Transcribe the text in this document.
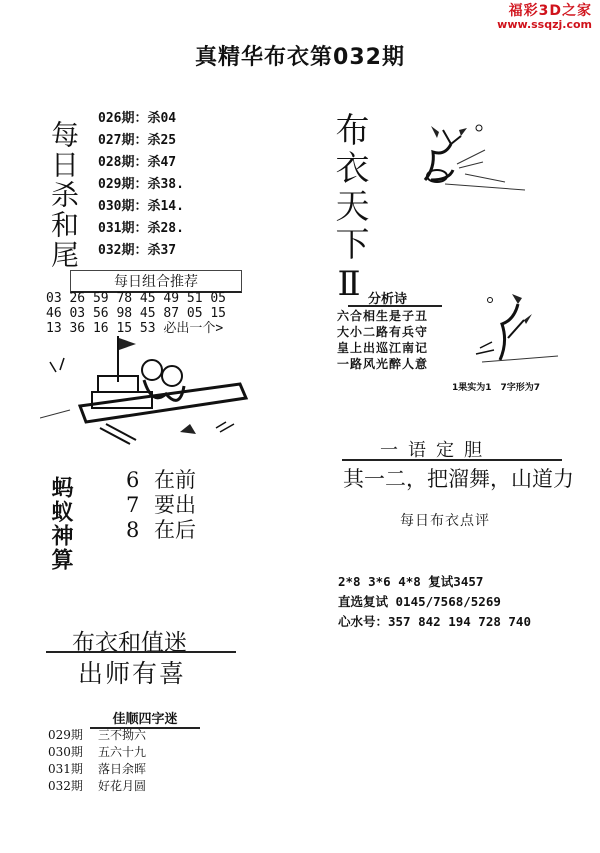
福彩3D之家
www.ssqzj.com
真精华布衣第032期
每日杀和尾
026期：杀04
027期：杀25
028期：杀47
029期：杀38.
030期：杀14.
031期：杀28.
032期：杀37	布衣天下Ⅱ
每日组合推荐
03 26 59 78 45 49 51 05
46 03 56 98 45 87 05 15
13 36 16 15 53 必出一个>
蚂蚁神算 6 在前
7 要出
8 在后
布衣和值迷
出师有喜
佳顺四字迷
029期 三不拗六
030期 五六十九
031期 落日余晖
032期 好花月圆
分析诗
六合相生是子丑
大小二路有兵守
皇上出巡江南记
一路风光醉人意
1果实为1　7字形为7
一语定胆
其一二，把溜舞，山道力
每日布衣点评
2*8 3*6 4*8 复试3457
直选复试 0145/7568/5269
心水号：357 842 194 728 740
